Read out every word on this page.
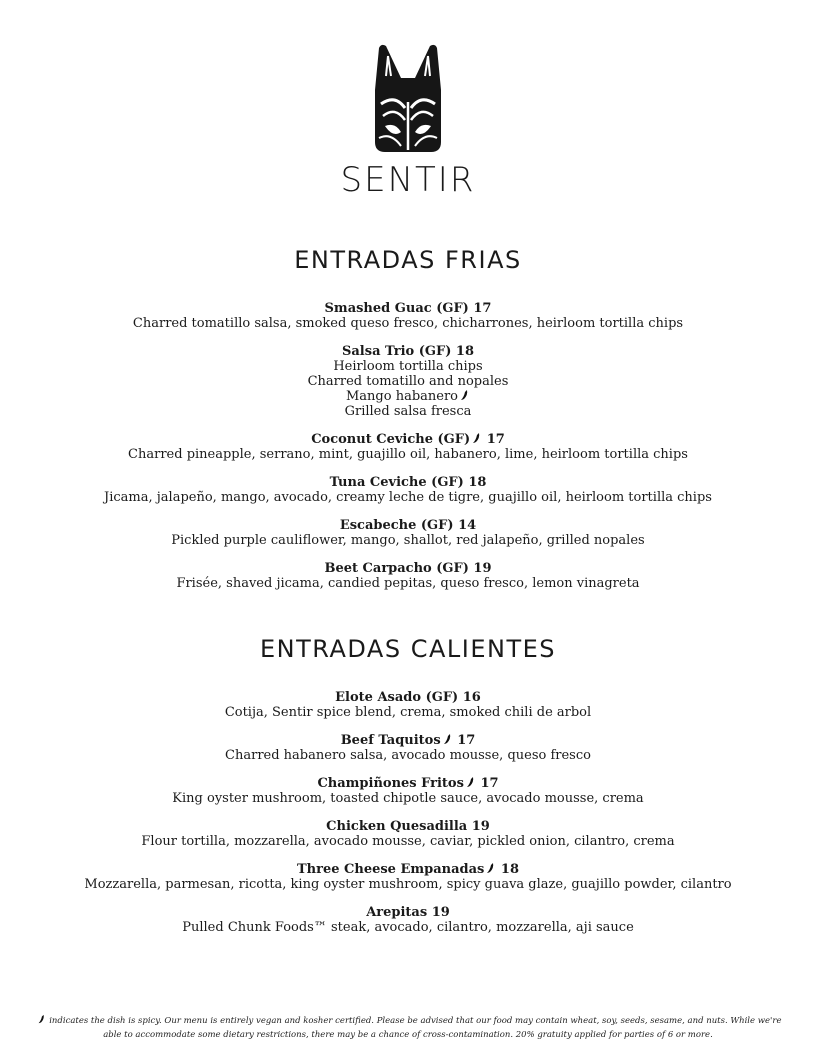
SENTIR
ENTRADAS FRIAS
Smashed Guac (GF) 17
Charred tomatillo salsa, smoked queso fresco, chicharrones, heirloom tortilla chips
Salsa Trio (GF) 18
Heirloom tortilla chips
Charred tomatillo and nopales
Mango habanero
Grilled salsa fresca
Coconut Ceviche (GF) 17
Charred pineapple, serrano, mint, guajillo oil, habanero, lime, heirloom tortilla chips
Tuna Ceviche (GF) 18
Jicama, jalapeño, mango, avocado, creamy leche de tigre, guajillo oil, heirloom tortilla chips
Escabeche (GF) 14
Pickled purple cauliflower, mango, shallot, red jalapeño, grilled nopales
Beet Carpacho (GF) 19
Frisée, shaved jicama, candied pepitas, queso fresco, lemon vinagreta
ENTRADAS CALIENTES
Elote Asado (GF) 16
Cotija, Sentir spice blend, crema, smoked chili de arbol
Beef Taquitos 17
Charred habanero salsa, avocado mousse, queso fresco
Champiñones Fritos 17
King oyster mushroom, toasted chipotle sauce, avocado mousse, crema
Chicken Quesadilla 19
Flour tortilla, mozzarella, avocado mousse, caviar, pickled onion, cilantro, crema
Three Cheese Empanadas 18
Mozzarella, parmesan, ricotta, king oyster mushroom, spicy guava glaze, guajillo powder, cilantro
Arepitas 19
Pulled Chunk Foods™ steak, avocado, cilantro, mozzarella, aji sauce
indicates the dish is spicy. Our menu is entirely vegan and kosher certified. Please be advised that our food may contain wheat, soy, seeds, sesame, and nuts. While we're
able to accommodate some dietary restrictions, there may be a chance of cross-contamination. 20% gratuity applied for parties of 6 or more.
